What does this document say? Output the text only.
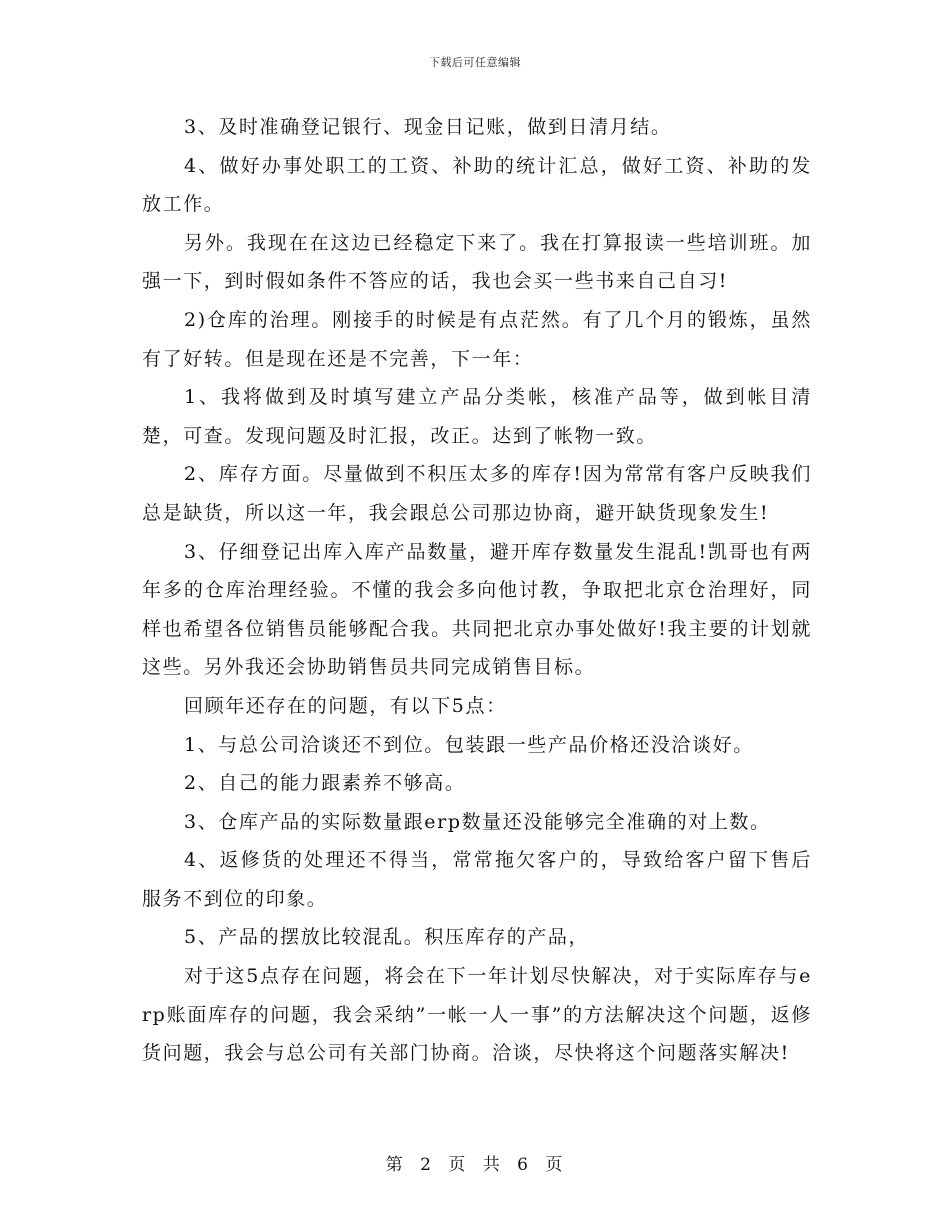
下载后可任意编辑

3、及时准确登记银行、现金日记账，做到日清月结。

4、做好办事处职工的工资、补助的统计汇总，做好工资、补助的发放工作。

另外。我现在在这边已经稳定下来了。我在打算报读一些培训班。加强一下，到时假如条件不答应的话，我也会买一些书来自己自习!

2)仓库的治理。刚接手的时候是有点茫然。有了几个月的锻炼，虽然有了好转。但是现在还是不完善，下一年：

1、我将做到及时填写建立产品分类帐，核准产品等，做到帐目清楚，可查。发现问题及时汇报，改正。达到了帐物一致。

2、库存方面。尽量做到不积压太多的库存!因为常常有客户反映我们总是缺货，所以这一年，我会跟总公司那边协商，避开缺货现象发生!

3、仔细登记出库入库产品数量，避开库存数量发生混乱!凯哥也有两年多的仓库治理经验。不懂的我会多向他讨教，争取把北京仓治理好，同样也希望各位销售员能够配合我。共同把北京办事处做好!我主要的计划就这些。另外我还会协助销售员共同完成销售目标。

回顾年还存在的问题，有以下5点：

1、与总公司洽谈还不到位。包装跟一些产品价格还没洽谈好。

2、自己的能力跟素养不够高。

3、仓库产品的实际数量跟erp数量还没能够完全准确的对上数。

4、返修货的处理还不得当，常常拖欠客户的，导致给客户留下售后服务不到位的印象。

5、产品的摆放比较混乱。积压库存的产品，

对于这5点存在问题，将会在下一年计划尽快解决，对于实际库存与erp账面库存的问题，我会采纳”一帐一人一事”的方法解决这个问题，返修货问题，我会与总公司有关部门协商。洽谈，尽快将这个问题落实解决!

第 2 页 共 6 页
